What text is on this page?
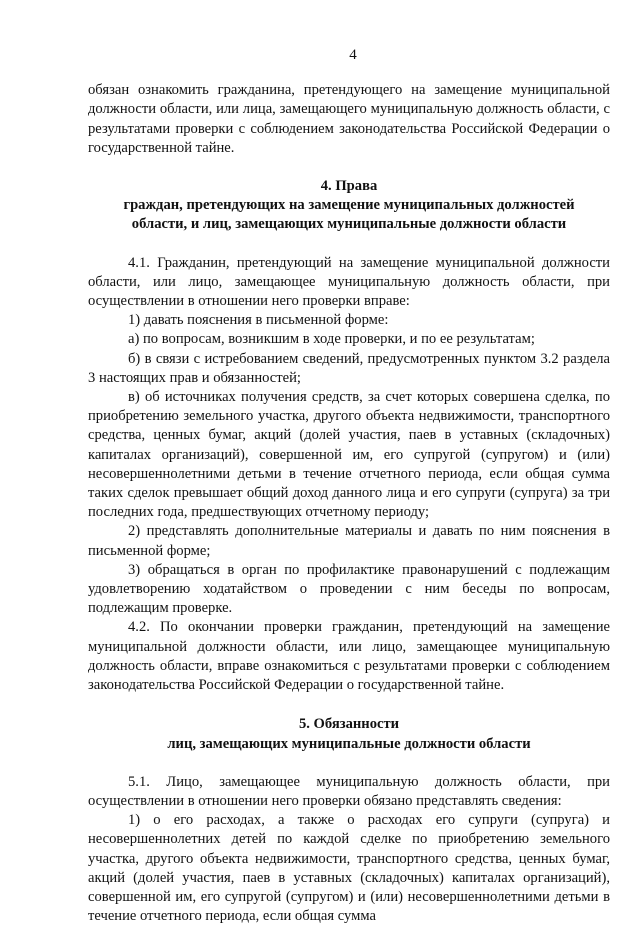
4

обязан ознакомить гражданина, претендующего на замещение муниципальной должности области, или лица, замещающего муниципальную должность области, с результатами проверки с соблюдением законодательства Российской Федерации о государственной тайне.

4. Права
граждан, претендующих на замещение муниципальных должностей
области, и лиц, замещающих муниципальные должности области

4.1. Гражданин, претендующий на замещение муниципальной должности области, или лицо, замещающее муниципальную должность области, при осуществлении в отношении него проверки вправе:

1) давать пояснения в письменной форме:

а) по вопросам, возникшим в ходе проверки, и по ее результатам;

б) в связи с истребованием сведений, предусмотренных пунктом 3.2 раздела 3 настоящих прав и обязанностей;

в) об источниках получения средств, за счет которых совершена сделка, по приобретению земельного участка, другого объекта недвижимости, транспортного средства, ценных бумаг, акций (долей участия, паев в уставных (складочных) капиталах организаций), совершенной им, его супругой (супругом) и (или) несовершеннолетними детьми в течение отчетного периода, если общая сумма таких сделок превышает общий доход данного лица и его супруги (супруга) за три последних года, предшествующих отчетному периоду;

2) представлять дополнительные материалы и давать по ним пояснения в письменной форме;

3) обращаться в орган по профилактике правонарушений с подлежащим удовлетворению ходатайством о проведении с ним беседы по вопросам, подлежащим проверке.

4.2. По окончании проверки гражданин, претендующий на замещение муниципальной должности области, или лицо, замещающее муниципальную должность области, вправе ознакомиться с результатами проверки с соблюдением законодательства Российской Федерации о государственной тайне.

5. Обязанности
лиц, замещающих муниципальные должности области

5.1. Лицо, замещающее муниципальную должность области, при осуществлении в отношении него проверки обязано представлять сведения:

1) о его расходах, а также о расходах его супруги (супруга) и несовершеннолетних детей по каждой сделке по приобретению земельного участка, другого объекта недвижимости, транспортного средства, ценных бумаг, акций (долей участия, паев в уставных (складочных) капиталах организаций), совершенной им, его супругой (супругом) и (или) несовершеннолетними детьми в течение отчетного периода, если общая сумма
